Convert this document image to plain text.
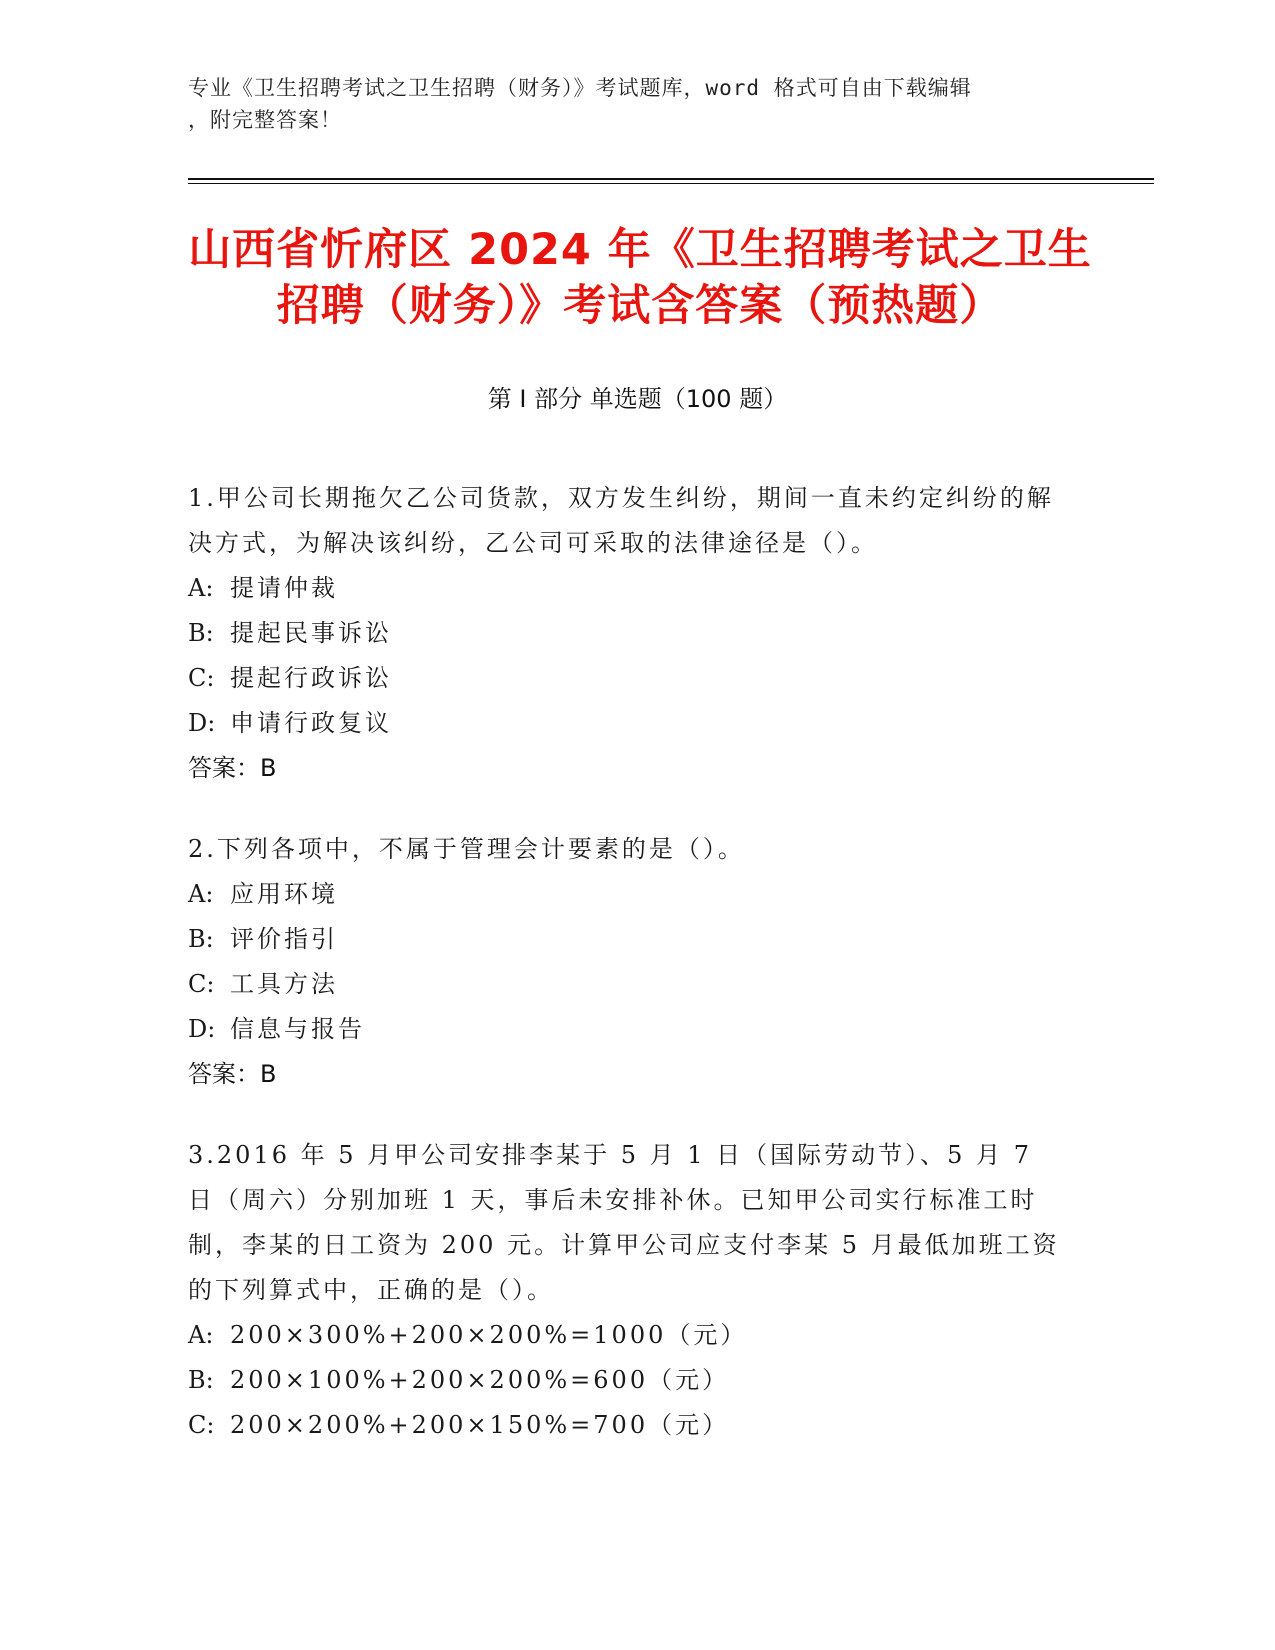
专业《卫生招聘考试之卫生招聘（财务）》考试题库，word 格式可自由下载编辑
，附完整答案！
山西省忻府区 2024 年《卫生招聘考试之卫生
招聘（财务）》考试含答案（预热题）
第 I 部分 单选题（100 题）
1.甲公司长期拖欠乙公司货款，双方发生纠纷，期间一直未约定纠纷的解决方式，为解决该纠纷，乙公司可采取的法律途径是（）。
A: 提请仲裁
B: 提起民事诉讼
C: 提起行政诉讼
D: 申请行政复议
答案：B
2.下列各项中，不属于管理会计要素的是（）。
A: 应用环境
B: 评价指引
C: 工具方法
D: 信息与报告
答案：B
3.2016 年 5 月甲公司安排李某于 5 月 1 日（国际劳动节）、5 月 7 日（周六）分别加班 1 天，事后未安排补休。已知甲公司实行标准工时制，李某的日工资为 200 元。计算甲公司应支付李某 5 月最低加班工资的下列算式中，正确的是（）。
A: 200×300%+200×200%=1000（元）
B: 200×100%+200×200%=600（元）
C: 200×200%+200×150%=700（元）
